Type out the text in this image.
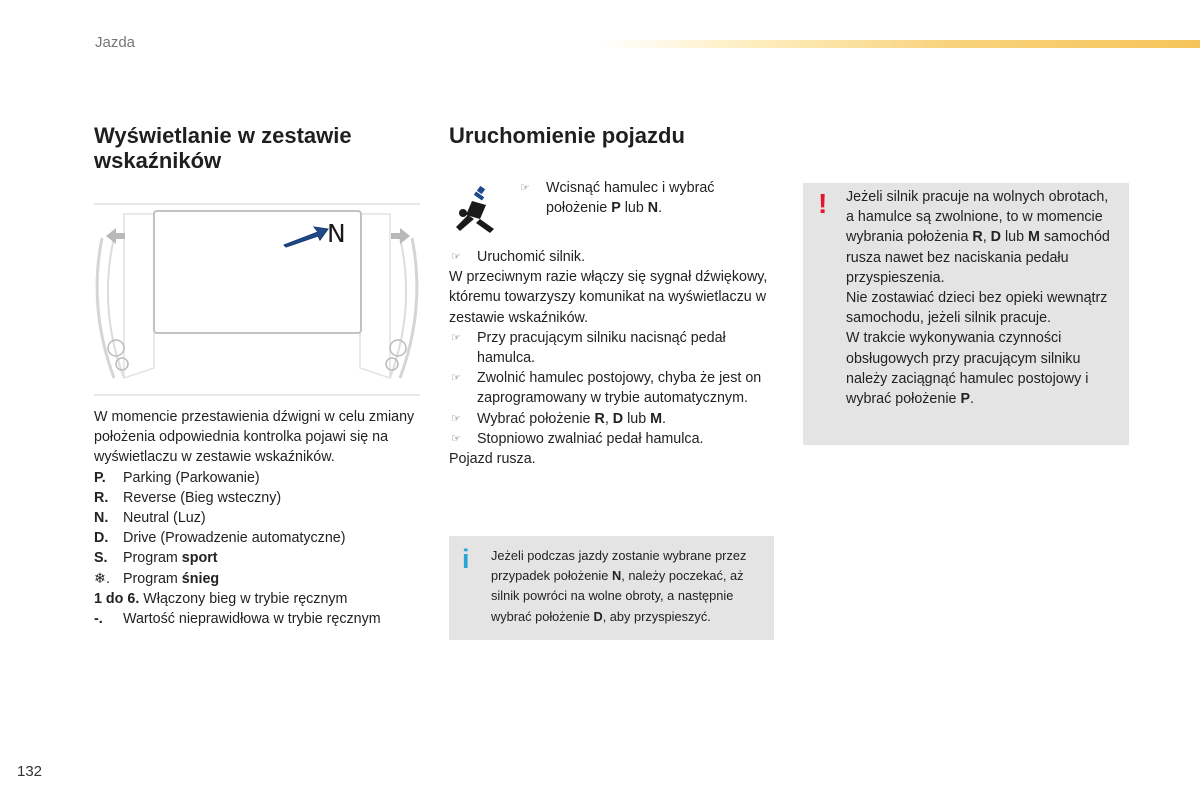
Jazda
Wyświetlanie w zestawie wskaźników
N
W momencie przestawienia dźwigni w celu zmiany położenia odpowiednia kontrolka pojawi się na wyświetlaczu w zestawie wskaźników.
P.	Parking (Parkowanie)
R.	Reverse (Bieg wsteczny)
N.	Neutral (Luz)
D.	Drive (Prowadzenie automatyczne)
S.	Program sport
❄. Program śnieg
1 do 6. Włączony bieg w trybie ręcznym
-.	Wartość nieprawidłowa w trybie ręcznym
Uruchomienie pojazdu
☞ Wcisnąć hamulec i wybrać położenie P lub N.
☞ Uruchomić silnik.
W przeciwnym razie włączy się sygnał dźwiękowy, któremu towarzyszy komunikat na wyświetlaczu w zestawie wskaźników.
☞ Przy pracującym silniku nacisnąć pedał hamulca.
☞ Zwolnić hamulec postojowy, chyba że jest on zaprogramowany w trybie automatycznym.
☞ Wybrać położenie R, D lub M.
☞ Stopniowo zwalniać pedał hamulca.
Pojazd rusza.
i Jeżeli podczas jazdy zostanie wybrane przez przypadek położenie N, należy poczekać, aż silnik powróci na wolne obroty, a następnie wybrać położenie D, aby przyspieszyć.
! Jeżeli silnik pracuje na wolnych obrotach, a hamulce są zwolnione, to w momencie wybrania położenia R, D lub M samochód rusza nawet bez naciskania pedału przyspieszenia.
Nie zostawiać dzieci bez opieki wewnątrz samochodu, jeżeli silnik pracuje.
W trakcie wykonywania czynności obsługowych przy pracującym silniku należy zaciągnąć hamulec postojowy i wybrać położenie P.
132
